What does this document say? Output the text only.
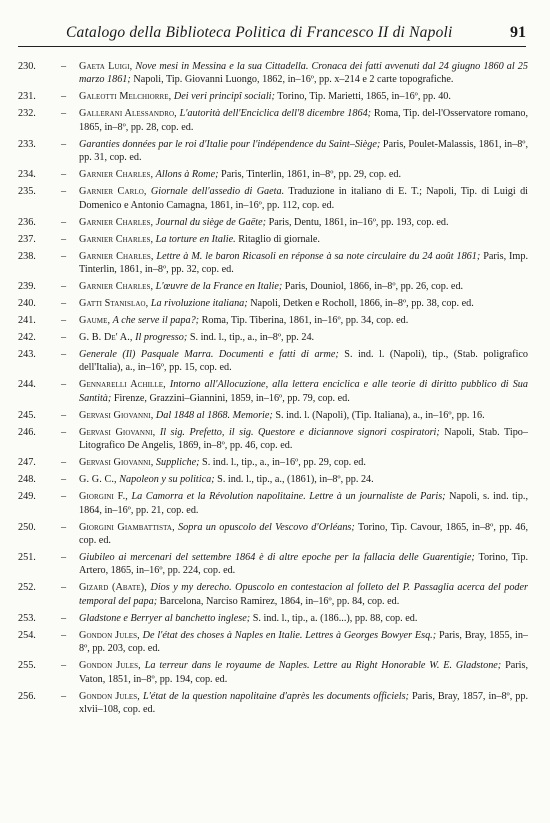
Catalogo della Biblioteca Politica di Francesco II di Napoli	91
230.	– Gaeta Luigi, Nove mesi in Messina e la sua Cittadella. Cronaca dei fatti avvenuti dal 24 giugno 1860 al 25 marzo 1861; Napoli, Tip. Giovanni Luongo, 1862, in–16º, pp. x–214 e 2 carte topografiche.
231.	– Galeotti Melchiorre, Dei veri principî sociali; Torino, Tip. Marietti, 1865, in–16º, pp. 40.
232.	– Gallerani Alessandro, L'autorità dell'Enciclica dell'8 dicembre 1864; Roma, Tip. del-l'Osservatore romano, 1865, in–8º, pp. 28, cop. ed.
233.	– Garanties données par le roi d'Italie pour l'indépendence du Saint–Siège; Paris, Poulet-Malassis, 1861, in–8º, pp. 31, cop. ed.
234.	– Garnier Charles, Allons à Rome; Paris, Tinterlin, 1861, in–8º, pp. 29, cop. ed.
235.	– Garnier Carlo, Giornale dell'assedio di Gaeta. Traduzione in italiano di E. T.; Napoli, Tip. di Luigi di Domenico e Antonio Camagna, 1861, in–16º, pp. 112, cop. ed.
236.	– Garnier Charles, Journal du siège de Gaëte; Paris, Dentu, 1861, in–16º, pp. 193, cop. ed.
237.	– Garnier Charles, La torture en Italie. Ritaglio di giornale.
238.	– Garnier Charles, Lettre à M. le baron Ricasoli en réponse à sa note circulaire du 24 août 1861; Paris, Imp. Tinterlin, 1861, in–8º, pp. 32, cop. ed.
239.	– Garnier Charles, L'œuvre de la France en Italie; Paris, Douniol, 1866, in–8º, pp. 26, cop. ed.
240.	– Gatti Stanislao, La rivoluzione italiana; Napoli, Detken e Rocholl, 1866, in–8º, pp. 38, cop. ed.
241.	– Gaume, A che serve il papa?; Roma, Tip. Tiberina, 1861, in–16º, pp. 34, cop. ed.
242.	– G. B. De' A., Il progresso; S. ind. l., tip., a., in–8º, pp. 24.
243.	– Generale (Il) Pasquale Marra. Documenti e fatti di arme; S. ind. l. (Napoli), tip., (Stab. poligrafico dell'Italia), a., in–16º, pp. 15, cop. ed.
244.	– Gennarelli Achille, Intorno all'Allocuzione, alla lettera enciclica e alle teorie di diritto pubblico di Sua Santità; Firenze, Grazzini–Giannini, 1859, in–16º, pp. 79, cop. ed.
245.	– Gervasi Giovanni, Dal 1848 al 1868. Memorie; S. ind. l. (Napoli), (Tip. Italiana), a., in–16º, pp. 16.
246.	– Gervasi Giovanni, Il sig. Prefetto, il sig. Questore e diciannove signori cospiratori; Napoli, Stab. Tipo–Litografico De Angelis, 1869, in–8º, pp. 46, cop. ed.
247.	– Gervasi Giovanni, Suppliche; S. ind. l., tip., a., in–16º, pp. 29, cop. ed.
248.	– G. G. C., Napoleon y su politica; S. ind. l., tip., a., (1861), in–8º, pp. 24.
249.	– Giorgini F., La Camorra et la Révolution napolitaine. Lettre à un journaliste de Paris; Napoli, s. ind. tip., 1864, in–16º, pp. 21, cop. ed.
250.	– Giorgini Giambattista, Sopra un opuscolo del Vescovo d'Orléans; Torino, Tip. Cavour, 1865, in–8º, pp. 46, cop. ed.
251.	– Giubileo ai mercenari del settembre 1864 è di altre epoche per la fallacia delle Guarentigie; Torino, Tip. Artero, 1865, in–16º, pp. 224, cop. ed.
252.	– Gizard (Abate), Dios y my derecho. Opuscolo en contestacion al folleto del P. Passaglia acerca del poder temporal del papa; Barcelona, Narciso Ramirez, 1864, in–16º, pp. 84, cop. ed.
253.	– Gladstone e Berryer al banchetto inglese; S. ind. l., tip., a. (186...), pp. 88, cop. ed.
254.	– Gondon Jules, De l'état des choses à Naples en Italie. Lettres à Georges Bowyer Esq.; Paris, Bray, 1855, in–8º, pp. 203, cop. ed.
255.	– Gondon Jules, La terreur dans le royaume de Naples. Lettre au Right Honorable W. E. Gladstone; Paris, Vaton, 1851, in–8º, pp. 194, cop. ed.
256.	– Gondon Jules, L'état de la question napolitaine d'après les documents officiels; Paris, Bray, 1857, in–8º, pp. xlvii–108, cop. ed.
